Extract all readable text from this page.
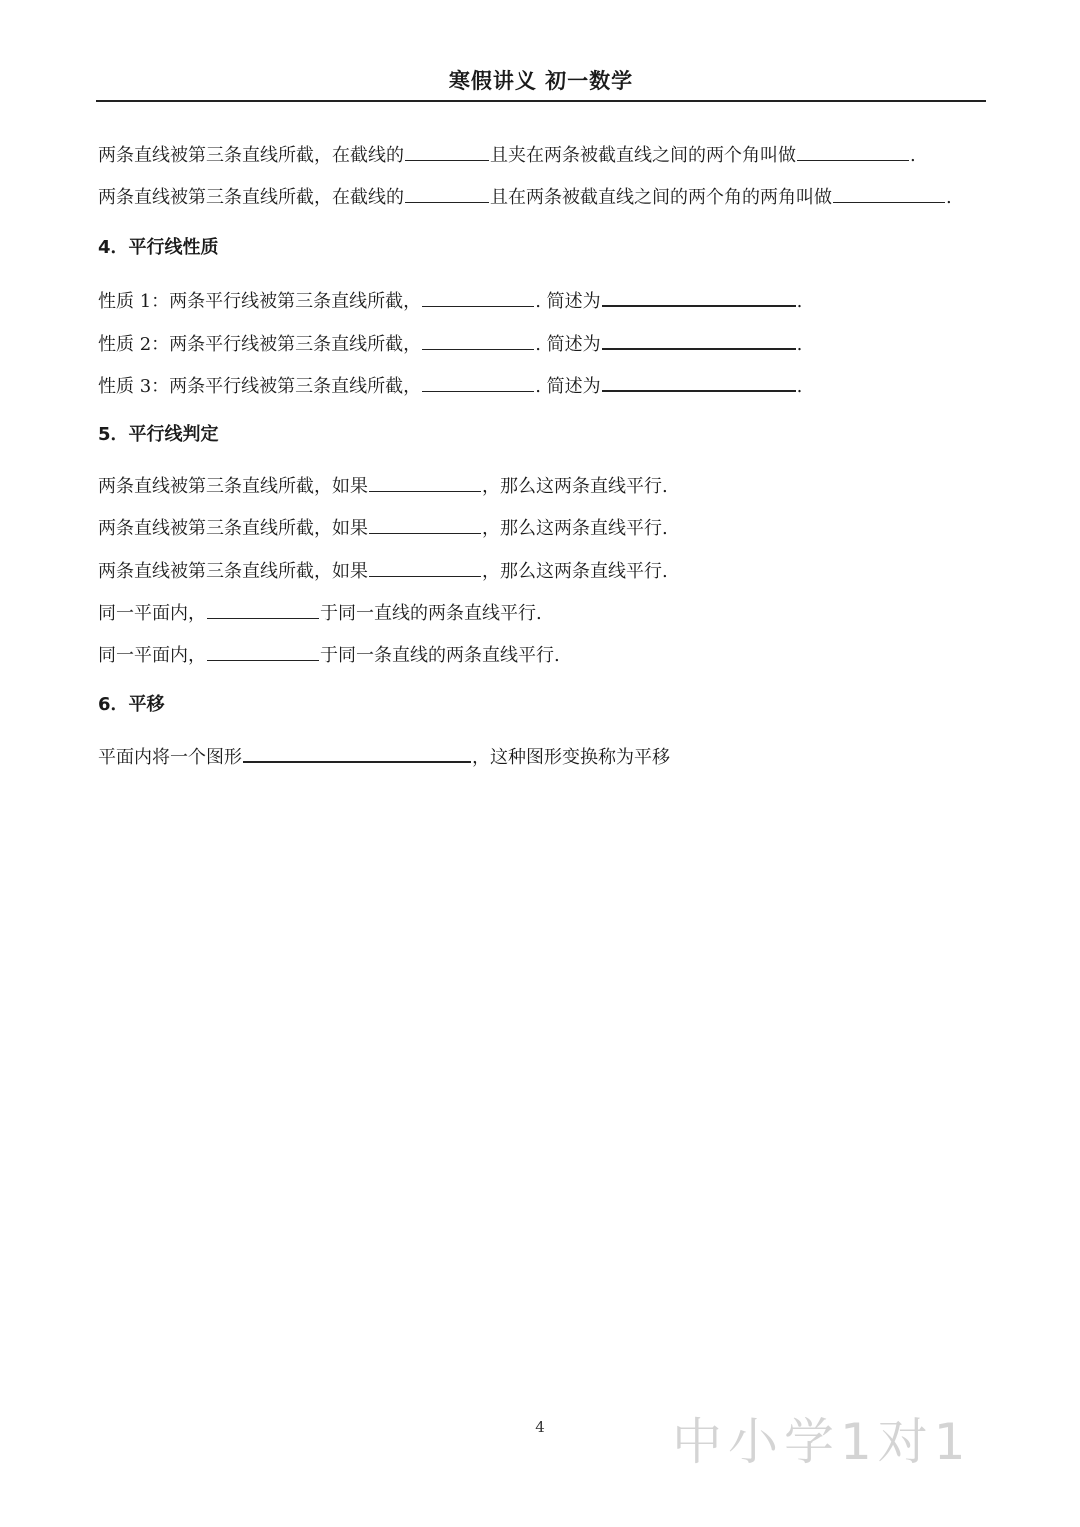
寒假讲义 初一数学
两条直线被第三条直线所截，在截线的	且夹在两条被截直线之间的两个角叫做	.
两条直线被第三条直线所截，在截线的	且在两条被截直线之间的两个角的两角叫做	.
4．平行线性质
性质 1：两条平行线被第三条直线所截，	. 简述为	.
性质 2：两条平行线被第三条直线所截，	. 简述为	.
性质 3：两条平行线被第三条直线所截，	. 简述为	.
5．平行线判定
两条直线被第三条直线所截，如果	，那么这两条直线平行.
两条直线被第三条直线所截，如果	，那么这两条直线平行.
两条直线被第三条直线所截，如果	，那么这两条直线平行.
同一平面内，	于同一直线的两条直线平行.
同一平面内，	于同一条直线的两条直线平行.
6．平移
平面内将一个图形	，这种图形变换称为平移
4	中小学1对1
